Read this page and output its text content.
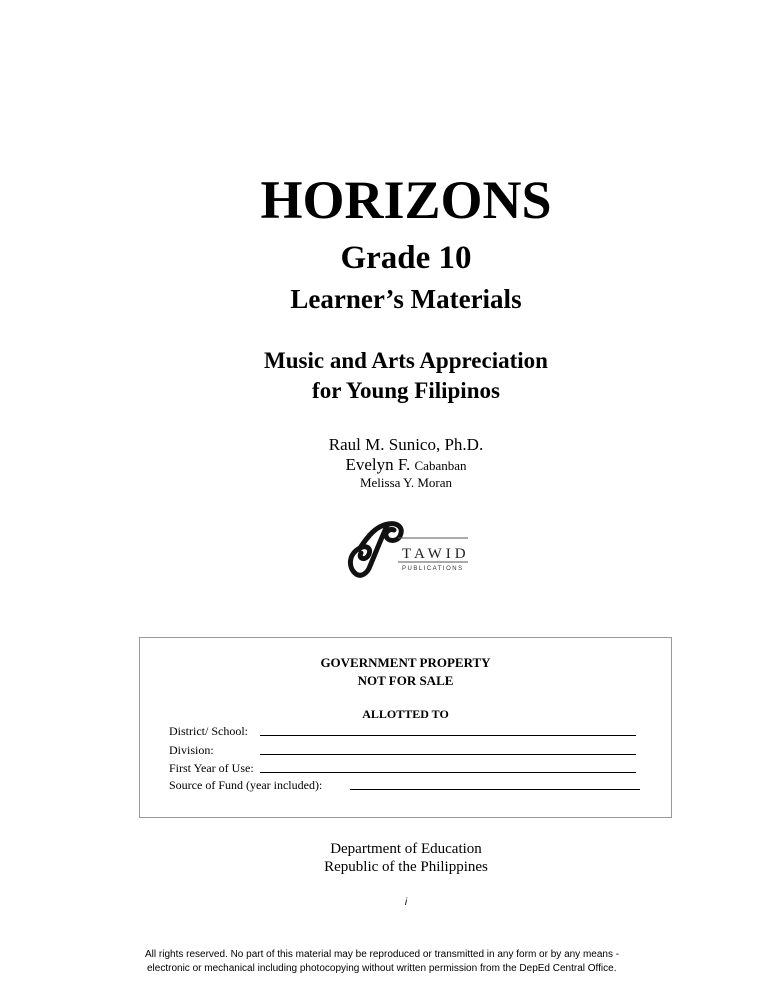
HORIZONS
Grade 10
Learner’s Materials
Music and Arts Appreciation
for Young Filipinos
Raul M. Sunico, Ph.D.
Evelyn F. Cabanban
Melissa Y. Moran
TAWID
PUBLICATIONS
GOVERNMENT PROPERTY
NOT FOR SALE
ALLOTTED TO
District/ School:
Division:
First Year of Use:
Source of Fund (year included):
Department of Education
Republic of the Philippines
i
All rights reserved. No part of this material may be reproduced or transmitted in any form or by any means -
electronic or mechanical including photocopying without written permission from the DepEd Central Office.
